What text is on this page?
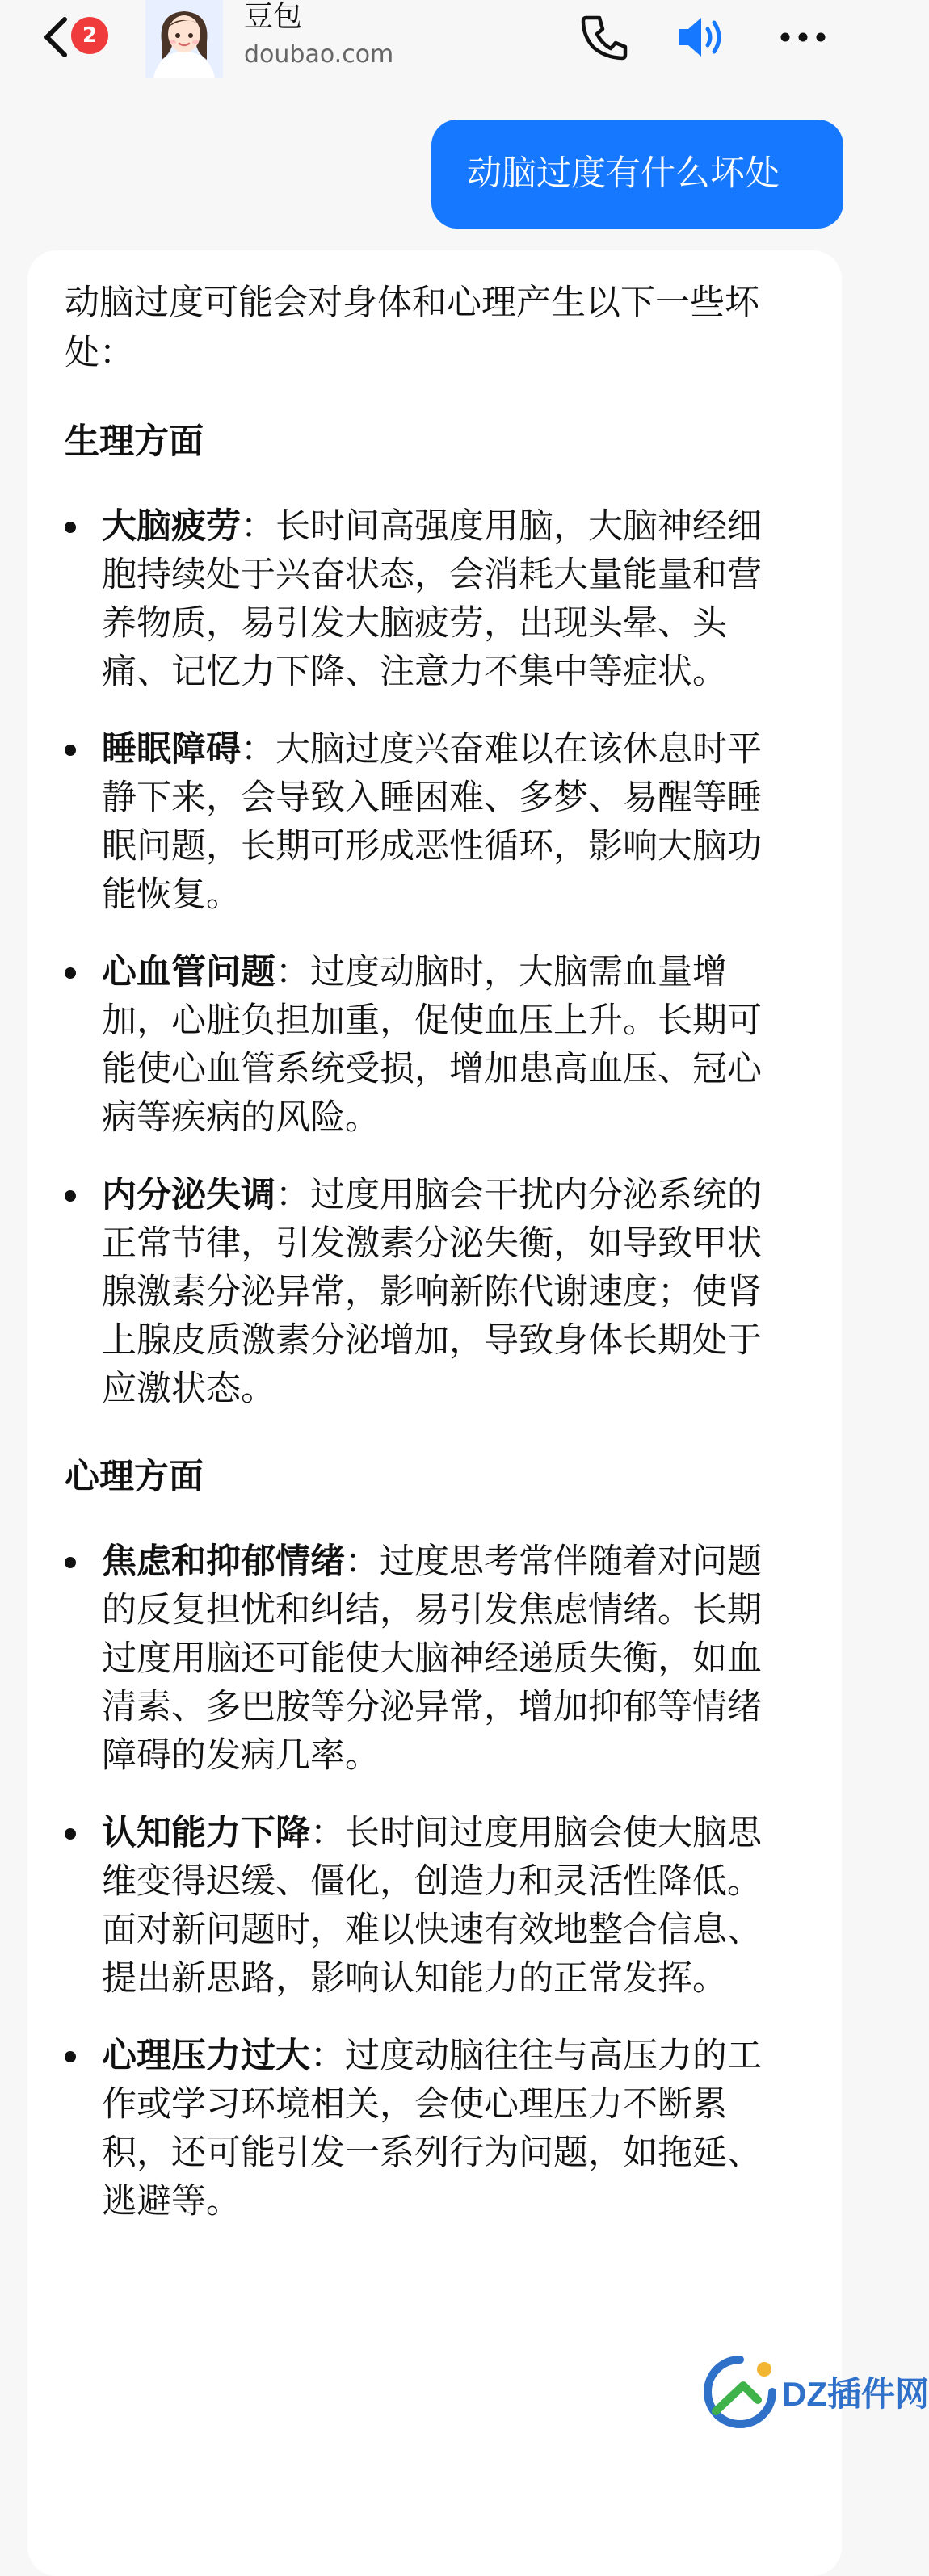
2
豆包
doubao.com
动脑过度有什么坏处

动脑过度可能会对身体和心理产生以下一些坏处：

生理方面
大脑疲劳：长时间高强度用脑，大脑神经细胞持续处于兴奋状态，会消耗大量能量和营养物质，易引发大脑疲劳，出现头晕、头痛、记忆力下降、注意力不集中等症状。
睡眠障碍：大脑过度兴奋难以在该休息时平静下来，会导致入睡困难、多梦、易醒等睡眠问题，长期可形成恶性循环，影响大脑功能恢复。
心血管问题：过度动脑时，大脑需血量增加，心脏负担加重，促使血压上升。长期可能使心血管系统受损，增加患高血压、冠心病等疾病的风险。
内分泌失调：过度用脑会干扰内分泌系统的正常节律，引发激素分泌失衡，如导致甲状腺激素分泌异常，影响新陈代谢速度；使肾上腺皮质激素分泌增加，导致身体长期处于应激状态。
心理方面
焦虑和抑郁情绪：过度思考常伴随着对问题的反复担忧和纠结，易引发焦虑情绪。长期过度用脑还可能使大脑神经递质失衡，如血清素、多巴胺等分泌异常，增加抑郁等情绪障碍的发病几率。
认知能力下降：长时间过度用脑会使大脑思维变得迟缓、僵化，创造力和灵活性降低。面对新问题时，难以快速有效地整合信息、提出新思路，影响认知能力的正常发挥。
心理压力过大：过度动脑往往与高压力的工作或学习环境相关，会使心理压力不断累积，还可能引发一系列行为问题，如拖延、逃避等。
DZ插件网
